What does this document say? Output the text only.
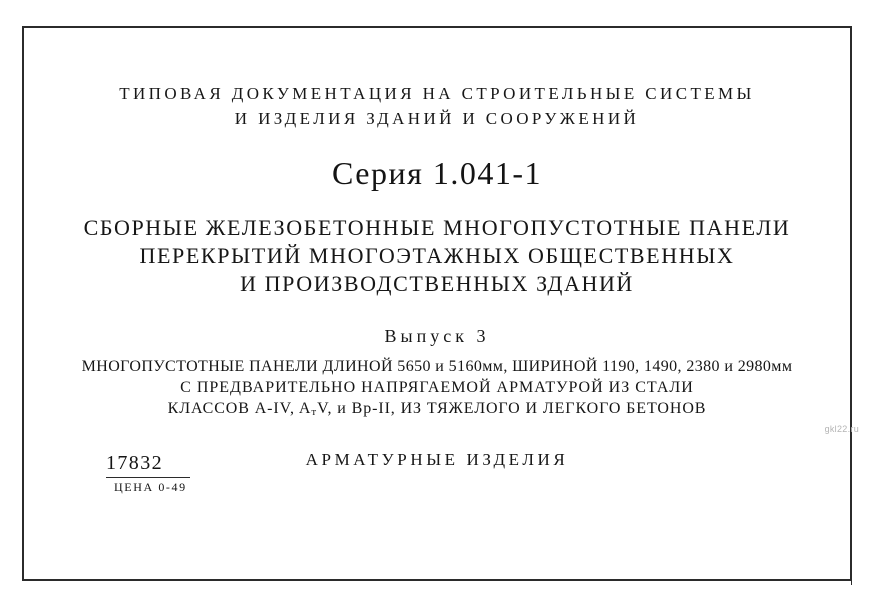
ТИПОВАЯ ДОКУМЕНТАЦИЯ НА СТРОИТЕЛЬНЫЕ СИСТЕМЫ
И ИЗДЕЛИЯ ЗДАНИЙ И СООРУЖЕНИЙ
Серия 1.041-1
СБОРНЫЕ ЖЕЛЕЗОБЕТОННЫЕ МНОГОПУСТОТНЫЕ ПАНЕЛИ
ПЕРЕКРЫТИЙ МНОГОЭТАЖНЫХ ОБЩЕСТВЕННЫХ
И ПРОИЗВОДСТВЕННЫХ ЗДАНИЙ
Выпуск 3
МНОГОПУСТОТНЫЕ ПАНЕЛИ ДЛИНОЙ 5650 и 5160мм, ШИРИНОЙ 1190, 1490, 2380 и 2980мм
С ПРЕДВАРИТЕЛЬНО НАПРЯГАЕМОЙ АРМАТУРОЙ ИЗ СТАЛИ
КЛАССОВ A-IV, AтV, и Вр-II, ИЗ ТЯЖЕЛОГО И ЛЕГКОГО БЕТОНОВ
АРМАТУРНЫЕ ИЗДЕЛИЯ
17832
ЦЕНА 0-49
gkl22.ru
